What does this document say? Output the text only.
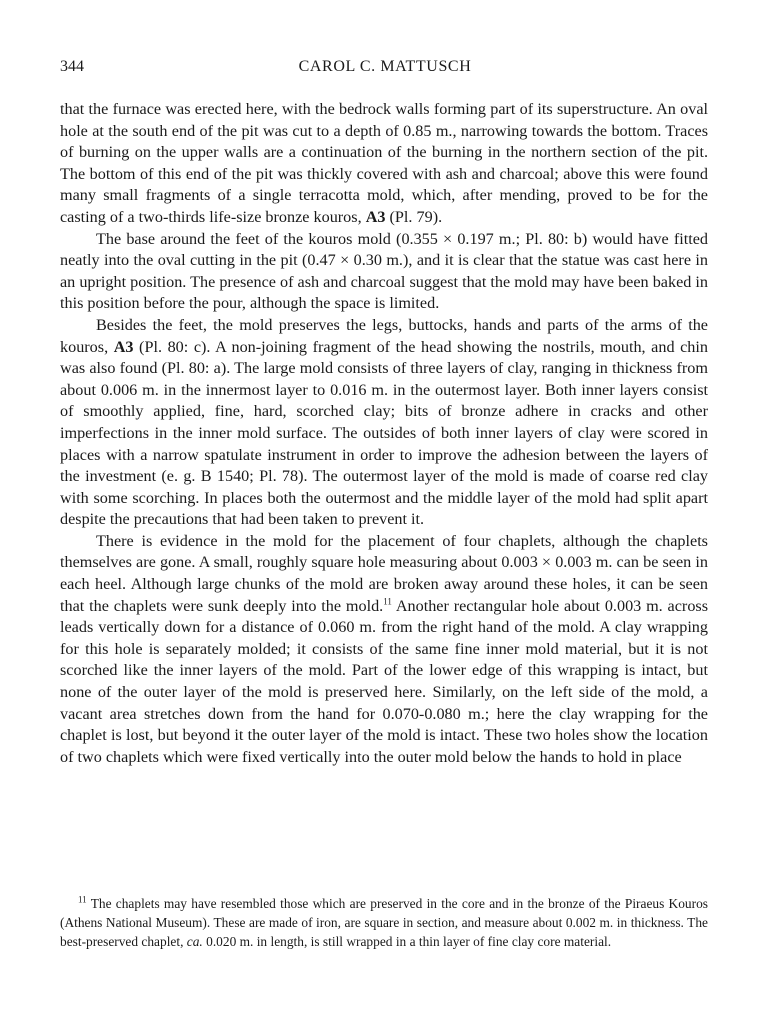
344	CAROL C. MATTUSCH

that the furnace was erected here, with the bedrock walls forming part of its superstructure. An oval hole at the south end of the pit was cut to a depth of 0.85 m., narrowing towards the bottom. Traces of burning on the upper walls are a continuation of the burning in the northern section of the pit. The bottom of this end of the pit was thickly covered with ash and charcoal; above this were found many small fragments of a single terracotta mold, which, after mending, proved to be for the casting of a two-thirds life-size bronze kouros, A3 (Pl. 79).

The base around the feet of the kouros mold (0.355 × 0.197 m.; Pl. 80: b) would have fitted neatly into the oval cutting in the pit (0.47 × 0.30 m.), and it is clear that the statue was cast here in an upright position. The presence of ash and charcoal suggest that the mold may have been baked in this position before the pour, although the space is limited.

Besides the feet, the mold preserves the legs, buttocks, hands and parts of the arms of the kouros, A3 (Pl. 80: c). A non-joining fragment of the head showing the nostrils, mouth, and chin was also found (Pl. 80: a). The large mold consists of three layers of clay, ranging in thickness from about 0.006 m. in the innermost layer to 0.016 m. in the outermost layer. Both inner layers consist of smoothly applied, fine, hard, scorched clay; bits of bronze adhere in cracks and other imperfections in the inner mold surface. The outsides of both inner layers of clay were scored in places with a narrow spatulate instrument in order to improve the adhesion between the layers of the investment (e. g. B 1540; Pl. 78). The outermost layer of the mold is made of coarse red clay with some scorching. In places both the outermost and the middle layer of the mold had split apart despite the precautions that had been taken to prevent it.

There is evidence in the mold for the placement of four chaplets, although the chaplets themselves are gone. A small, roughly square hole measuring about 0.003 × 0.003 m. can be seen in each heel. Although large chunks of the mold are broken away around these holes, it can be seen that the chaplets were sunk deeply into the mold.$^{11}$ Another rectangular hole about 0.003 m. across leads vertically down for a distance of 0.060 m. from the right hand of the mold. A clay wrapping for this hole is separately molded; it consists of the same fine inner mold material, but it is not scorched like the inner layers of the mold. Part of the lower edge of this wrapping is intact, but none of the outer layer of the mold is preserved here. Similarly, on the left side of the mold, a vacant area stretches down from the hand for 0.070-0.080 m.; here the clay wrapping for the chaplet is lost, but beyond it the outer layer of the mold is intact. These two holes show the location of two chaplets which were fixed vertically into the outer mold below the hands to hold in place

$^{11}$ The chaplets may have resembled those which are preserved in the core and in the bronze of the Piraeus Kouros (Athens National Museum). These are made of iron, are square in section, and measure about 0.002 m. in thickness. The best-preserved chaplet, ca. 0.020 m. in length, is still wrapped in a thin layer of fine clay core material.
